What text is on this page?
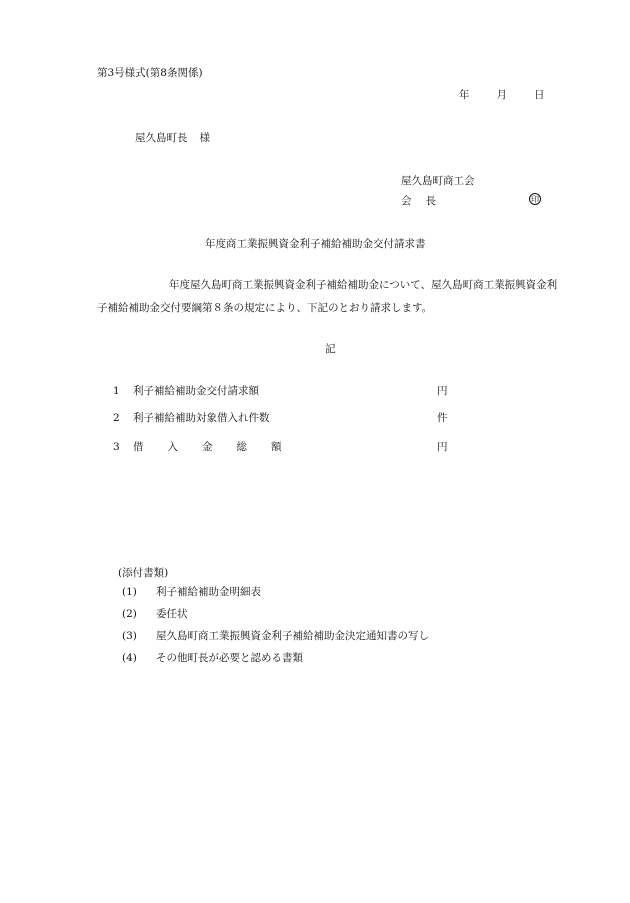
第3号様式(第8条関係)

年	月	日
屋久島町長 様

屋久島町商工会

会 長	印

年度商工業振興資金利子補給補助金交付請求書

年度屋久島町商工業振興資金利子補給補助金について、屋久島町商工業振興資金利子補給補助金交付要綱第８条の規定により、下記のとおり請求します。

記

1 利子補給補助金交付請求額	円
2 利子補給補助対象借入れ件数	件
3 借 入 金 総 額	円

(添付書類)

(1) 利子補給補助金明細表
(2) 委任状
(3) 屋久島町商工業振興資金利子補給補助金決定通知書の写し
(4) その他町長が必要と認める書類
